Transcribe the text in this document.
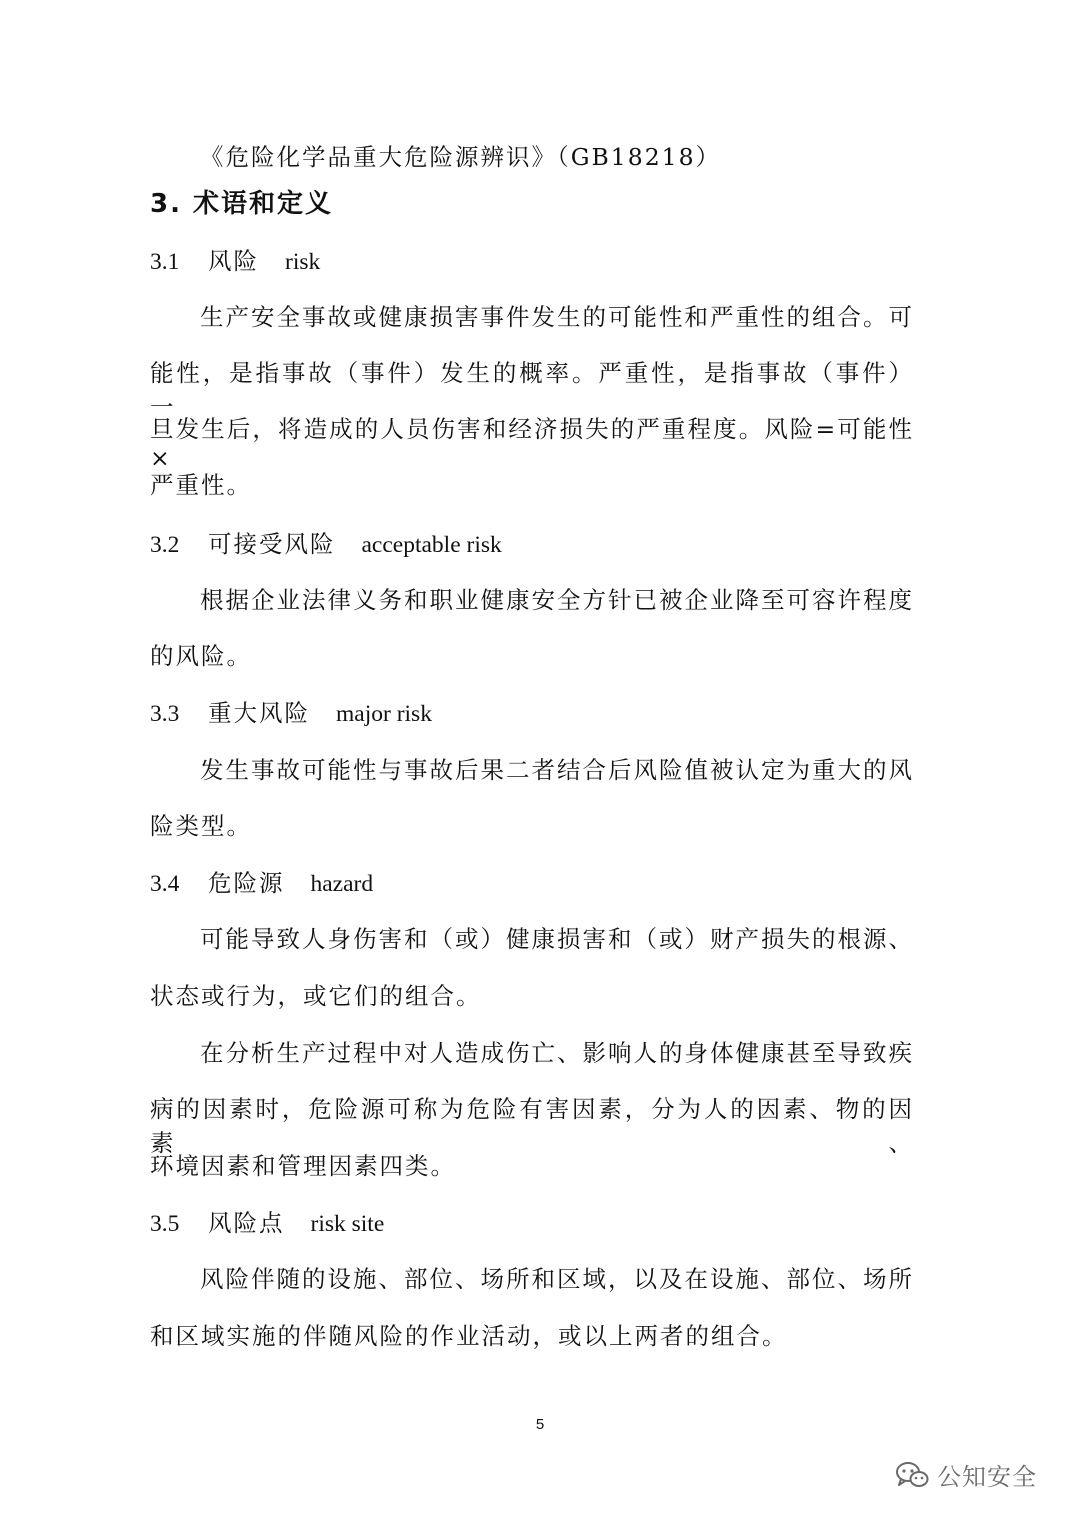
《危险化学品重大危险源辨识》（GB18218）
3. 术语和定义
3.1 风险 risk
生产安全事故或健康损害事件发生的可能性和严重性的组合。可
能性，是指事故（事件）发生的概率。严重性，是指事故（事件）一
旦发生后，将造成的人员伤害和经济损失的严重程度。风险=可能性×
严重性。
3.2 可接受风险 acceptable risk
根据企业法律义务和职业健康安全方针已被企业降至可容许程度
的风险。
3.3 重大风险 major risk
发生事故可能性与事故后果二者结合后风险值被认定为重大的风
险类型。
3.4 危险源 hazard
可能导致人身伤害和（或）健康损害和（或）财产损失的根源、
状态或行为，或它们的组合。
在分析生产过程中对人造成伤亡、影响人的身体健康甚至导致疾
病的因素时，危险源可称为危险有害因素，分为人的因素、物的因素、
环境因素和管理因素四类。
3.5 风险点 risk site
风险伴随的设施、部位、场所和区域，以及在设施、部位、场所
和区域实施的伴随风险的作业活动，或以上两者的组合。
5
公知安全
